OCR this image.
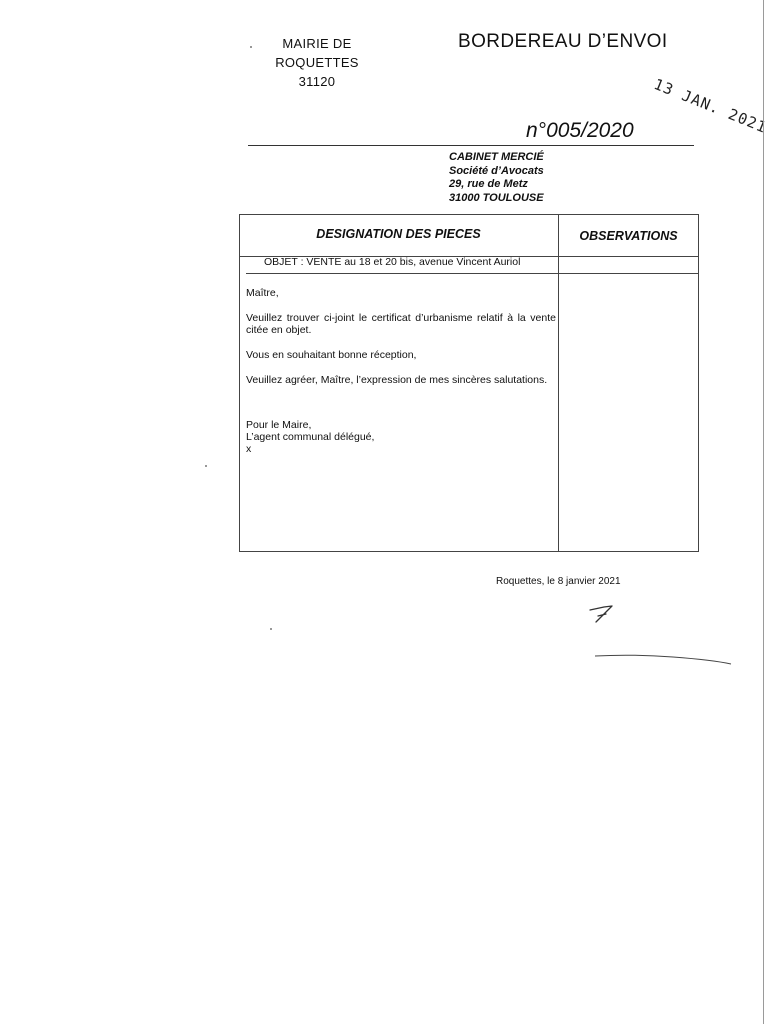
MAIRIE DE
ROQUETTES
31120
BORDEREAU D’ENVOI
13 JAN. 2021
n°005/2020
CABINET MERCIÉ
Société d’Avocats
29, rue de Metz
31000 TOULOUSE
DESIGNATION DES PIECES	OBSERVATIONS
OBJET : VENTE au 18 et 20 bis, avenue Vincent Auriol

Maître,

Veuillez trouver ci-joint le certificat d’urbanisme relatif à la vente citée en objet.

Vous en souhaitant bonne réception,

Veuillez agréer, Maître, l’expression de mes sincères salutations.

Pour le Maire,

L’agent communal délégué,

x

Roquettes, le 8 janvier 2021
